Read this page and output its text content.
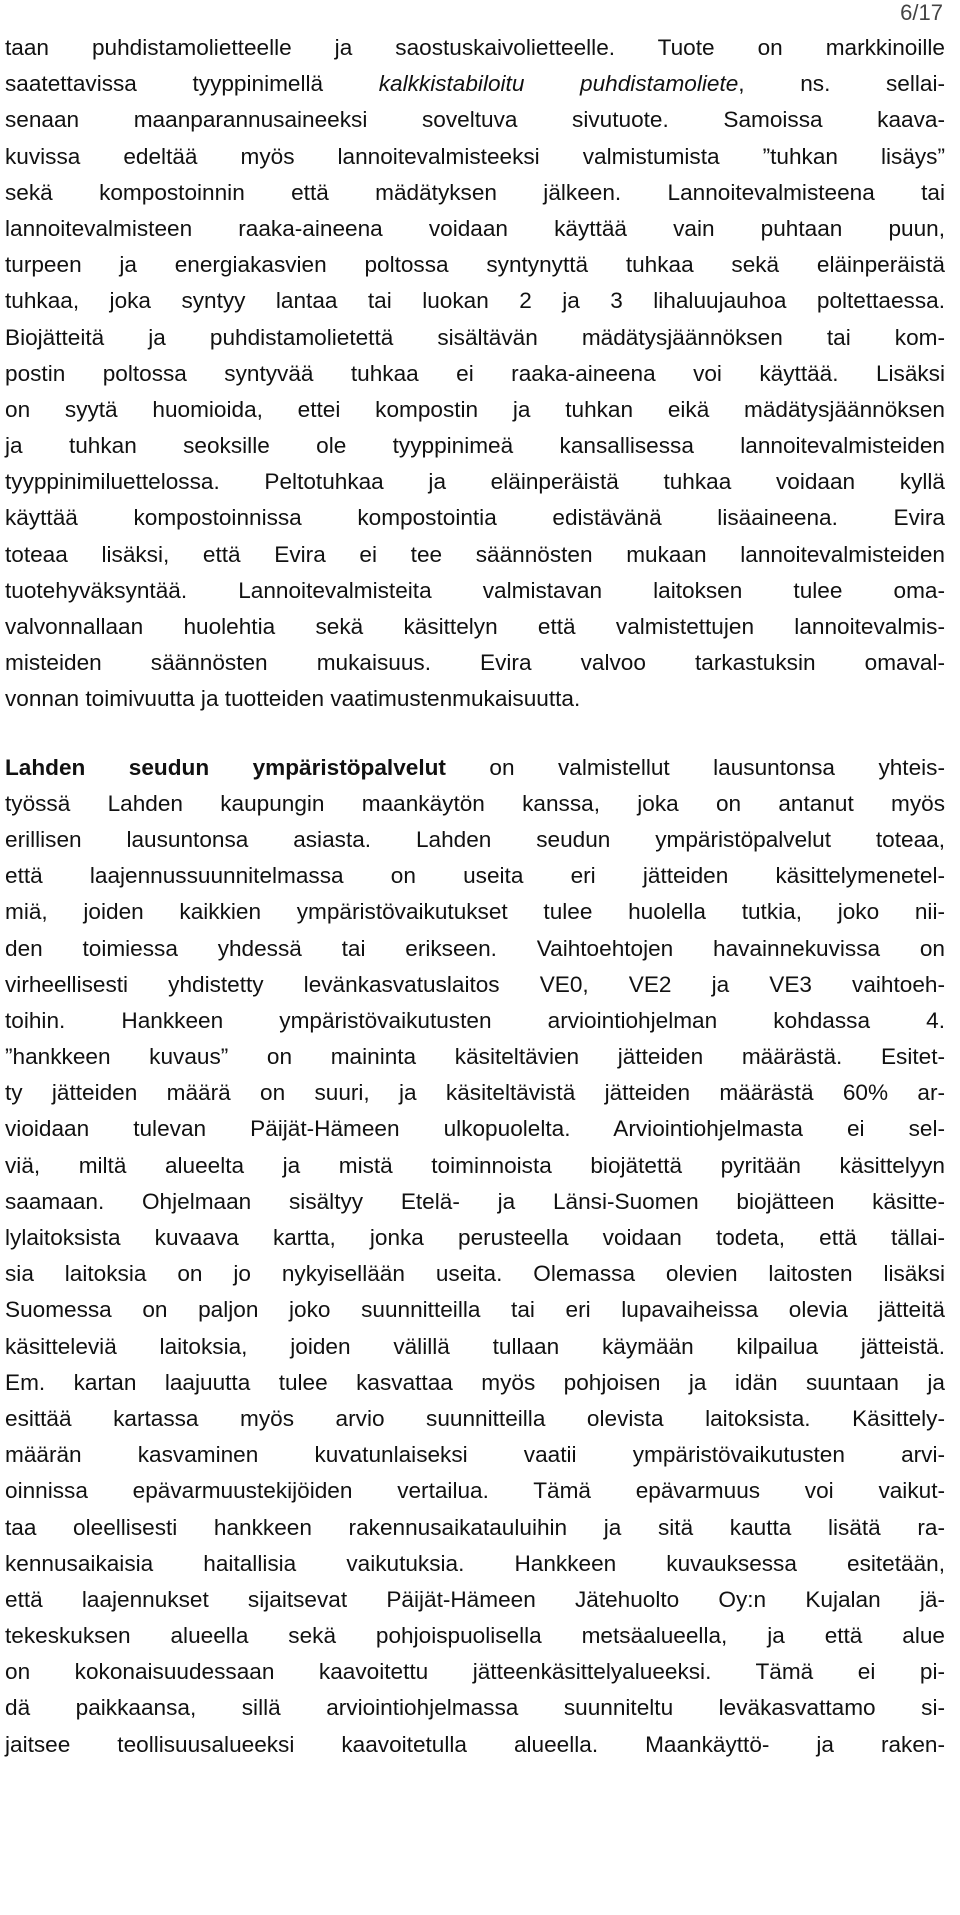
6/17
taan puhdistamolietteelle ja saostuskaivolietteelle. Tuote on markkinoille
saatettavissa tyyppinimellä kalkkistabiloitu puhdistamoliete, ns. sellai-
senaan maanparannusaineeksi soveltuva sivutuote. Samoissa kaava-
kuvissa edeltää myös lannoitevalmisteeksi valmistumista ”tuhkan lisäys”
sekä kompostoinnin että mädätyksen jälkeen. Lannoitevalmisteena tai
lannoitevalmisteen raaka-aineena voidaan käyttää vain puhtaan puun,
turpeen ja energiakasvien poltossa syntynyttä tuhkaa sekä eläinperäistä
tuhkaa, joka syntyy lantaa tai luokan 2 ja 3 lihaluujauhoa poltettaessa.
Biojätteitä ja puhdistamolietettä sisältävän mädätysjäännöksen tai kom-
postin poltossa syntyvää tuhkaa ei raaka-aineena voi käyttää. Lisäksi
on syytä huomioida, ettei kompostin ja tuhkan eikä mädätysjäännöksen
ja tuhkan seoksille ole tyyppinimeä kansallisessa lannoitevalmisteiden
tyyppinimiluettelossa. Peltotuhkaa ja eläinperäistä tuhkaa voidaan kyllä
käyttää kompostoinnissa kompostointia edistävänä lisäaineena. Evira
toteaa lisäksi, että Evira ei tee säännösten mukaan lannoitevalmisteiden
tuotehyväksyntää. Lannoitevalmisteita valmistavan laitoksen tulee oma-
valvonnallaan huolehtia sekä käsittelyn että valmistettujen lannoitevalmis-
misteiden säännösten mukaisuus. Evira valvoo tarkastuksin omaval-
vonnan toimivuutta ja tuotteiden vaatimustenmukaisuutta.
Lahden seudun ympäristöpalvelut on valmistellut lausuntonsa yhteis-
työssä Lahden kaupungin maankäytön kanssa, joka on antanut myös
erillisen lausuntonsa asiasta. Lahden seudun ympäristöpalvelut toteaa,
että laajennussuunnitelmassa on useita eri jätteiden käsittelymenetel-
miä, joiden kaikkien ympäristövaikutukset tulee huolella tutkia, joko nii-
den toimiessa yhdessä tai erikseen. Vaihtoehtojen havainnekuvissa on
virheellisesti yhdistetty levänkasvatuslaitos VE0, VE2 ja VE3 vaihtoeh-
toihin. Hankkeen ympäristövaikutusten arviointiohjelman kohdassa 4.
”hankkeen kuvaus” on maininta käsiteltävien jätteiden määrästä. Esitet-
ty jätteiden määrä on suuri, ja käsiteltävistä jätteiden määrästä 60% ar-
vioidaan tulevan Päijät-Hämeen ulkopuolelta. Arviointiohjelmasta ei sel-
viä, miltä alueelta ja mistä toiminnoista biojätettä pyritään käsittelyyn
saamaan. Ohjelmaan sisältyy Etelä- ja Länsi-Suomen biojätteen käsitte-
lylaitoksista kuvaava kartta, jonka perusteella voidaan todeta, että tällai-
sia laitoksia on jo nykyisellään useita. Olemassa olevien laitosten lisäksi
Suomessa on paljon joko suunnitteilla tai eri lupavaiheissa olevia jätteitä
käsitteleviä laitoksia, joiden välillä tullaan käymään kilpailua jätteistä.
Em. kartan laajuutta tulee kasvattaa myös pohjoisen ja idän suuntaan ja
esittää kartassa myös arvio suunnitteilla olevista laitoksista. Käsittely-
määrän kasvaminen kuvatunlaiseksi vaatii ympäristövaikutusten arvi-
oinnissa epävarmuustekijöiden vertailua. Tämä epävarmuus voi vaikut-
taa oleellisesti hankkeen rakennusaikatauluihin ja sitä kautta lisätä ra-
kennusaikaisia haitallisia vaikutuksia. Hankkeen kuvauksessa esitetään,
että laajennukset sijaitsevat Päijät-Hämeen Jätehuolto Oy:n Kujalan jä-
tekeskuksen alueella sekä pohjoispuolisella metsäalueella, ja että alue
on kokonaisuudessaan kaavoitettu jätteenkäsittelyalueeksi. Tämä ei pi-
dä paikkaansa, sillä arviointiohjelmassa suunniteltu leväkasvattamo si-
jaitsee teollisuusalueeksi kaavoitetulla alueella. Maankäyttö- ja raken-
